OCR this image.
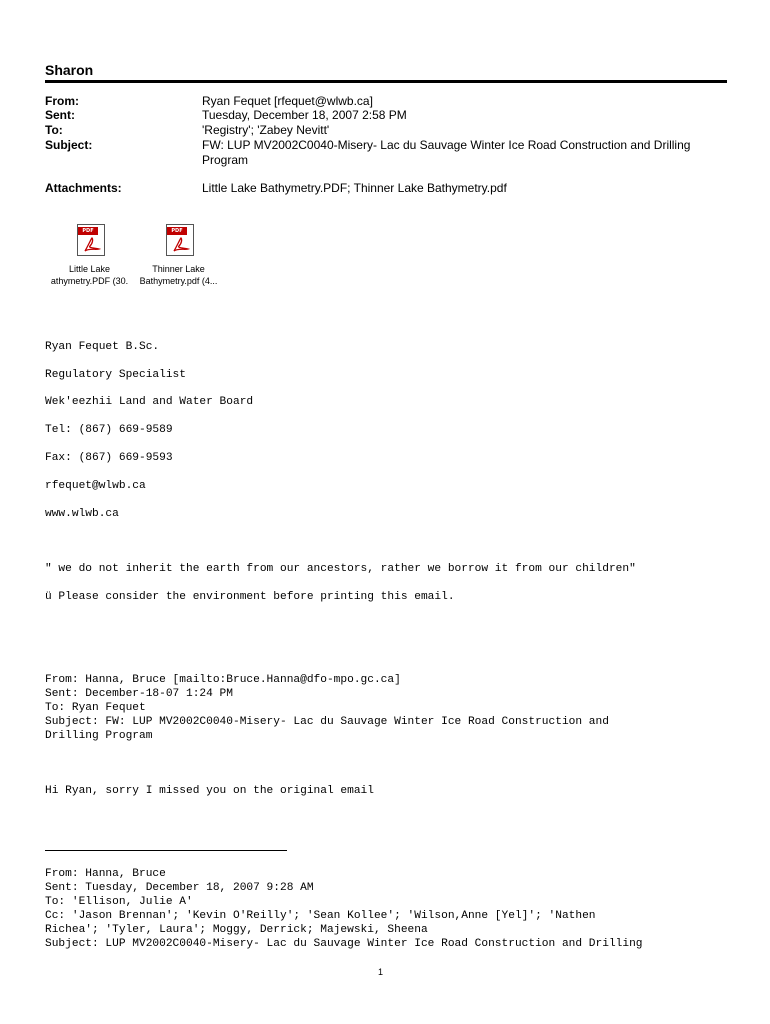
Sharon
From:	Ryan Fequet [rfequet@wlwb.ca]
Sent:	Tuesday, December 18, 2007 2:58 PM
To:	'Registry'; 'Zabey Nevitt'
Subject:	FW: LUP MV2002C0040-Misery- Lac du Sauvage Winter Ice Road Construction and Drilling
Program
Attachments:	Little Lake Bathymetry.PDF; Thinner Lake Bathymetry.pdf
PDF
Little Lake
athymetry.PDF (30.
PDF
Thinner Lake
Bathymetry.pdf (4...
Ryan Fequet B.Sc.
Regulatory Specialist
Wek'eezhii Land and Water Board
Tel: (867) 669-9589
Fax: (867) 669-9593
rfequet@wlwb.ca
www.wlwb.ca
" we do not inherit the earth from our ancestors, rather we borrow it from our children"
ü Please consider the environment before printing this email.
From: Hanna, Bruce [mailto:Bruce.Hanna@dfo-mpo.gc.ca]
Sent: December-18-07 1:24 PM
To: Ryan Fequet
Subject: FW: LUP MV2002C0040-Misery- Lac du Sauvage Winter Ice Road Construction and
Drilling Program
Hi Ryan, sorry I missed you on the original email
From: Hanna, Bruce
Sent: Tuesday, December 18, 2007 9:28 AM
To: 'Ellison, Julie A'
Cc: 'Jason Brennan'; 'Kevin O'Reilly'; 'Sean Kollee'; 'Wilson,Anne [Yel]'; 'Nathen
Richea'; 'Tyler, Laura'; Moggy, Derrick; Majewski, Sheena
Subject: LUP MV2002C0040-Misery- Lac du Sauvage Winter Ice Road Construction and Drilling
1
